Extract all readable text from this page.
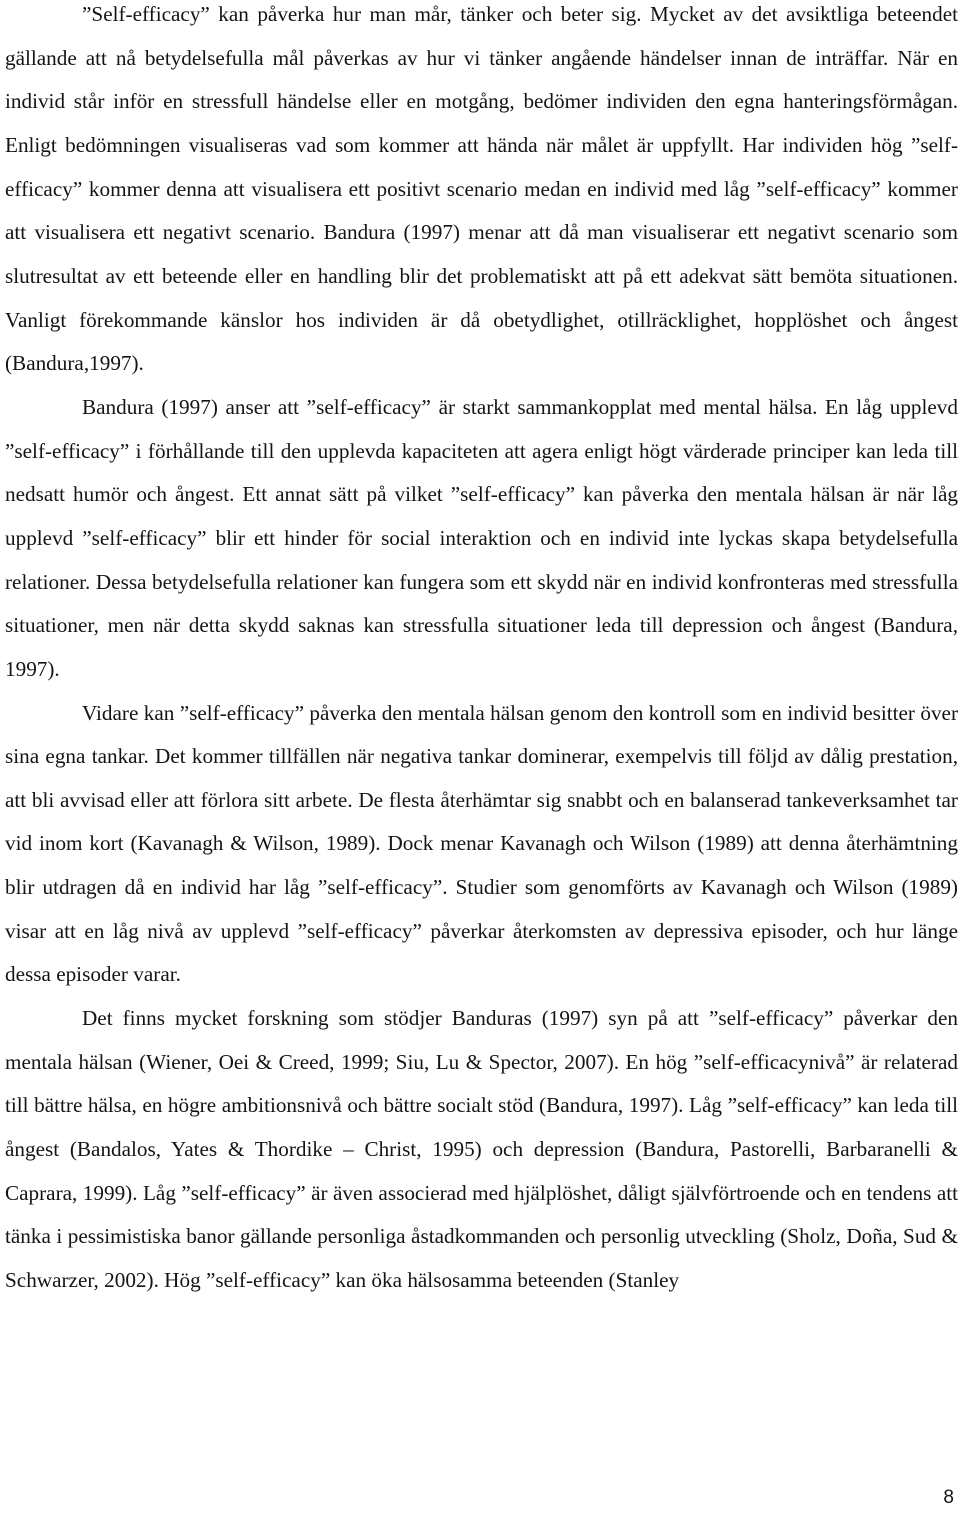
”Self-efficacy” kan påverka hur man mår, tänker och beter sig. Mycket av det avsiktliga beteendet gällande att nå betydelsefulla mål påverkas av hur vi tänker angående händelser innan de inträffar. När en individ står inför en stressfull händelse eller en motgång, bedömer individen den egna hanteringsförmågan. Enligt bedömningen visualiseras vad som kommer att hända när målet är uppfyllt. Har individen hög ”self-efficacy” kommer denna att visualisera ett positivt scenario medan en individ med låg ”self-efficacy” kommer att visualisera ett negativt scenario. Bandura (1997) menar att då man visualiserar ett negativt scenario som slutresultat av ett beteende eller en handling blir det problematiskt att på ett adekvat sätt bemöta situationen. Vanligt förekommande känslor hos individen är då obetydlighet, otillräcklighet, hopplöshet och ångest (Bandura,1997).

Bandura (1997) anser att ”self-efficacy” är starkt sammankopplat med mental hälsa. En låg upplevd ”self-efficacy” i förhållande till den upplevda kapaciteten att agera enligt högt värderade principer kan leda till nedsatt humör och ångest. Ett annat sätt på vilket ”self-efficacy” kan påverka den mentala hälsan är när låg upplevd ”self-efficacy” blir ett hinder för social interaktion och en individ inte lyckas skapa betydelsefulla relationer. Dessa betydelsefulla relationer kan fungera som ett skydd när en individ konfronteras med stressfulla situationer, men när detta skydd saknas kan stressfulla situationer leda till depression och ångest (Bandura, 1997).

Vidare kan ”self-efficacy” påverka den mentala hälsan genom den kontroll som en individ besitter över sina egna tankar. Det kommer tillfällen när negativa tankar dominerar, exempelvis till följd av dålig prestation, att bli avvisad eller att förlora sitt arbete. De flesta återhämtar sig snabbt och en balanserad tankeverksamhet tar vid inom kort (Kavanagh & Wilson, 1989). Dock menar Kavanagh och Wilson (1989) att denna återhämtning blir utdragen då en individ har låg ”self-efficacy”. Studier som genomförts av Kavanagh och Wilson (1989) visar att en låg nivå av upplevd ”self-efficacy” påverkar återkomsten av depressiva episoder, och hur länge dessa episoder varar.

Det finns mycket forskning som stödjer Banduras (1997) syn på att ”self-efficacy” påverkar den mentala hälsan (Wiener, Oei & Creed, 1999; Siu, Lu & Spector, 2007). En hög ”self-efficacynivå” är relaterad till bättre hälsa, en högre ambitionsnivå och bättre socialt stöd (Bandura, 1997). Låg ”self-efficacy” kan leda till ångest (Bandalos, Yates & Thordike – Christ, 1995) och depression (Bandura, Pastorelli, Barbaranelli & Caprara, 1999). Låg ”self-efficacy” är även associerad med hjälplöshet, dåligt självförtroende och en tendens att tänka i pessimistiska banor gällande personliga åstadkommanden och personlig utveckling (Sholz, Doña, Sud & Schwarzer, 2002). Hög ”self-efficacy” kan öka hälsosamma beteenden (Stanley

8
